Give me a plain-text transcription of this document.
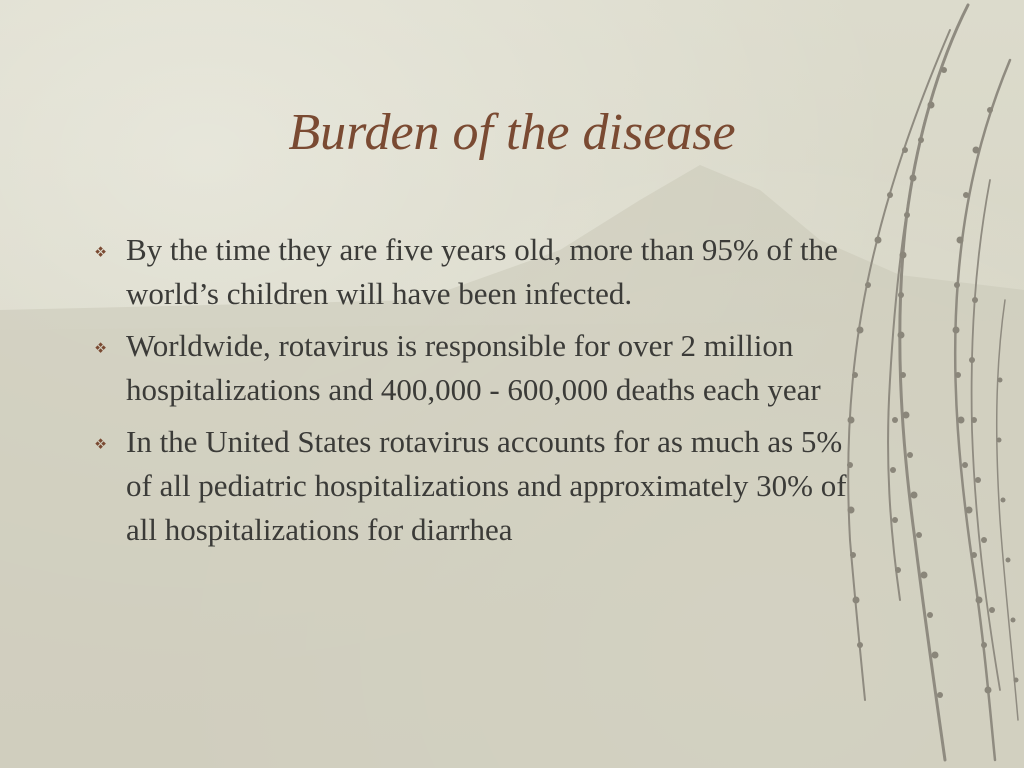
Burden of the disease
By the time they are five years old, more than 95% of the world’s children will have been infected.
Worldwide, rotavirus is responsible for over 2 million hospitalizations and 400,000 - 600,000 deaths each year
In the United States rotavirus accounts for as much as 5% of all pediatric hospitalizations and approximately 30% of all hospitalizations for diarrhea
